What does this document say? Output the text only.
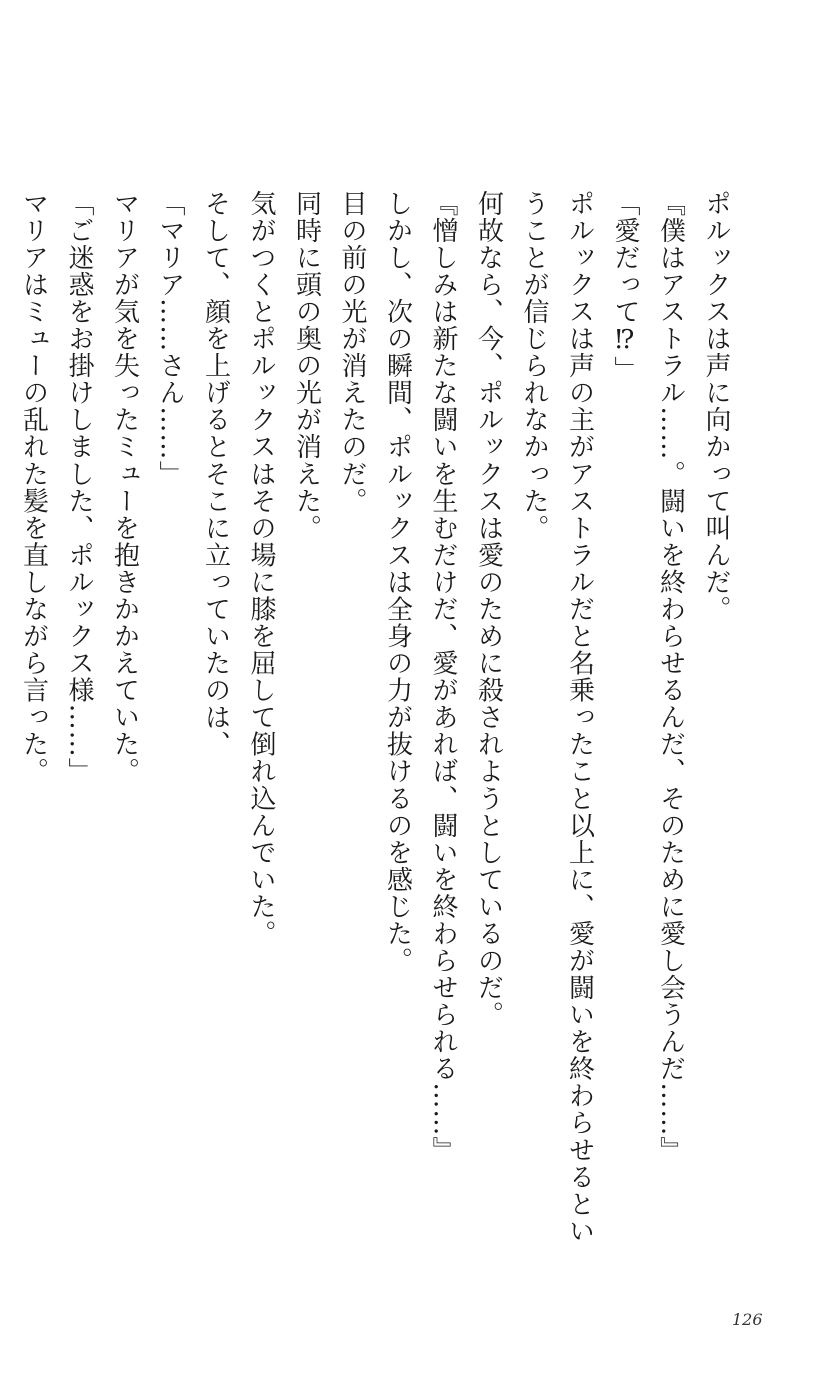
ポルックスは声に向かって叫んだ。

『僕はアストラル……。闘いを終わらせるんだ、そのために愛し会うんだ……』

「愛だって⁉」

ポルックスは声の主がアストラルだと名乗ったこと以上に、愛が闘いを終わらせるとい

うことが信じられなかった。

何故なら、今、ポルックスは愛のために殺されようとしているのだ。

『憎しみは新たな闘いを生むだけだ、愛があれば、闘いを終わらせられる……』

しかし、次の瞬間、ポルックスは全身の力が抜けるのを感じた。

目の前の光が消えたのだ。

同時に頭の奥の光が消えた。

気がつくとポルックスはその場に膝を屈して倒れ込んでいた。

そして、顔を上げるとそこに立っていたのは、

「マリア……さん……」

マリアが気を失ったミューを抱きかかえていた。

「ご迷惑をお掛けしました、ポルックス様……」

マリアはミューの乱れた髪を直しながら言った。

126
